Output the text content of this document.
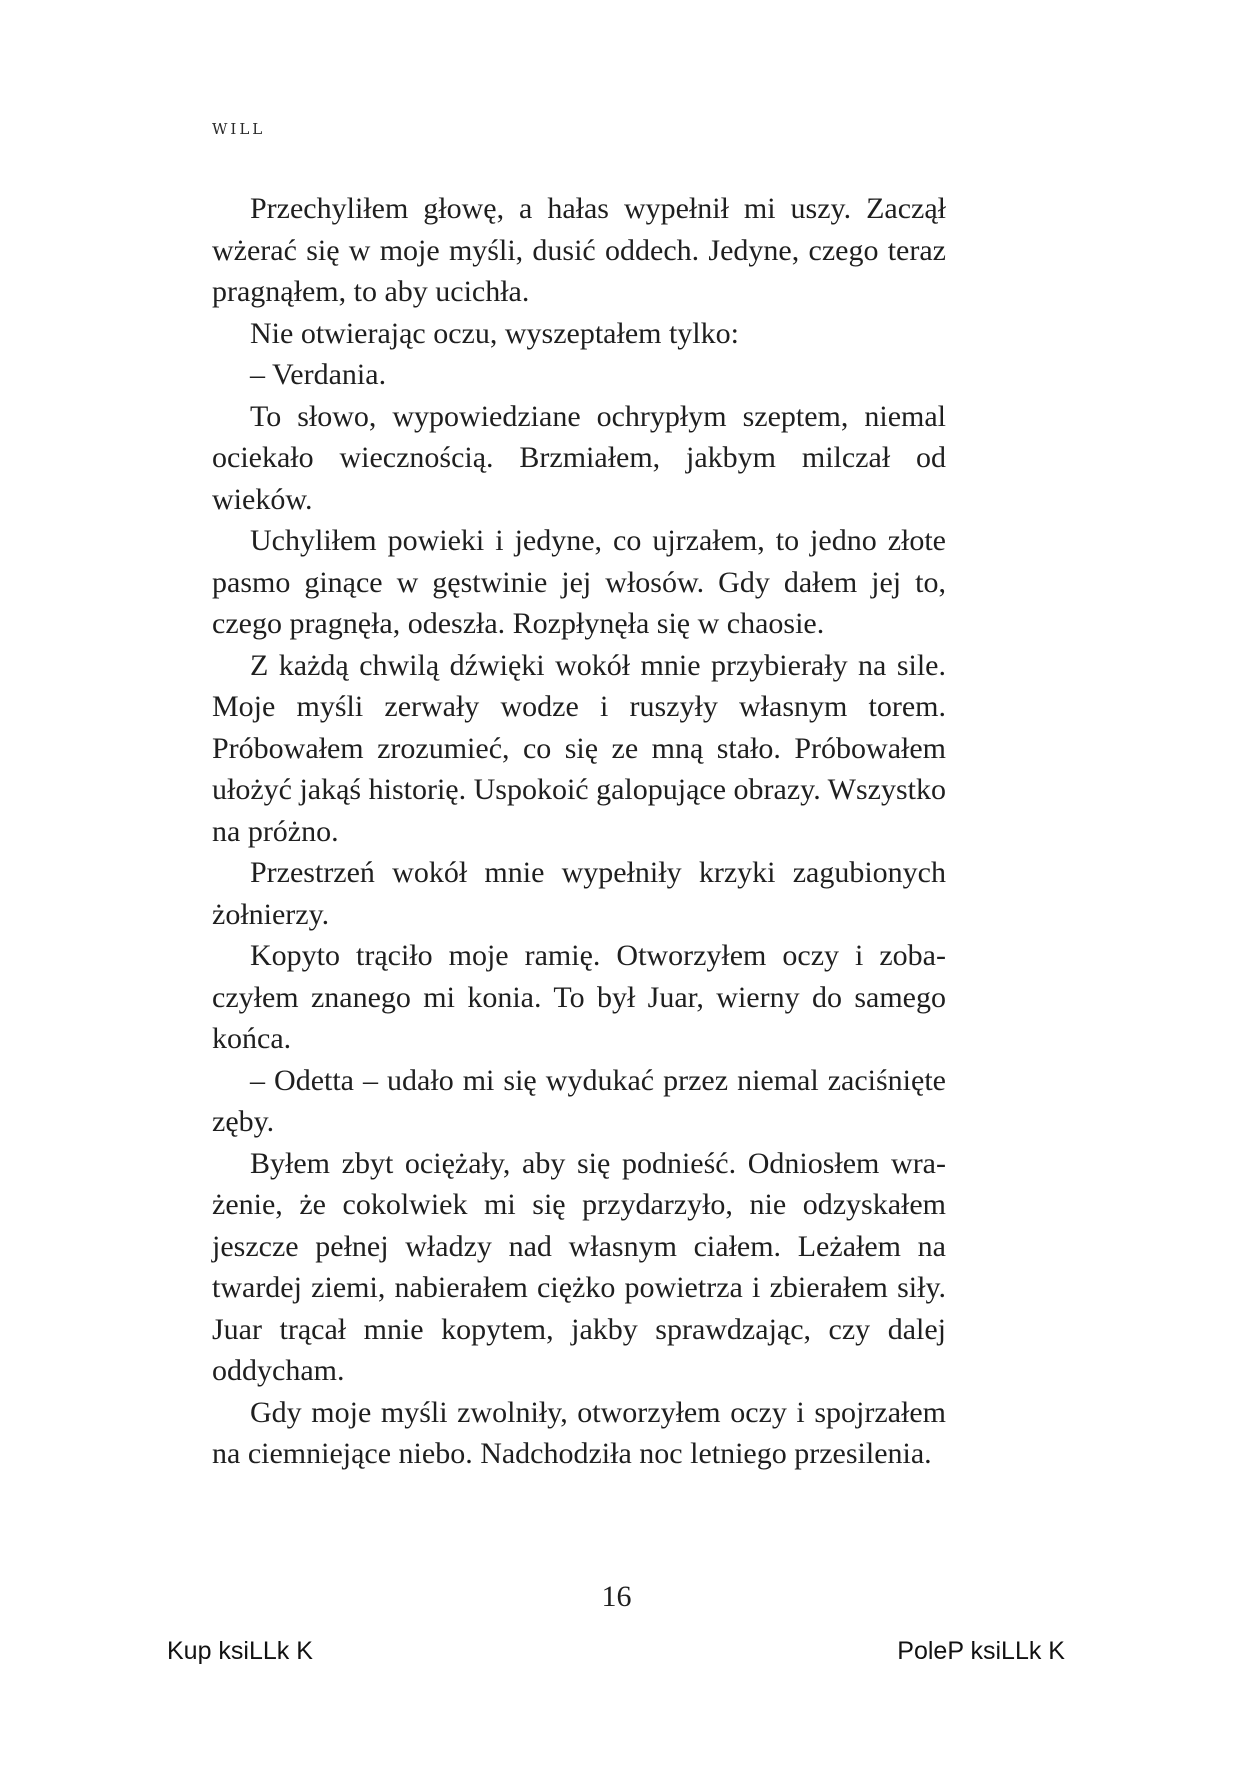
WILL

Przechyliłem głowę, a hałas wypełnił mi uszy. Zaczął wżerać się w moje myśli, dusić oddech. Jedyne, czego teraz pragnąłem, to aby ucichła.

Nie otwierając oczu, wyszeptałem tylko:

– Verdania.

To słowo, wypowiedziane ochrypłym szeptem, niemal ociekało wiecznością. Brzmiałem, jakbym milczał od wieków.

Uchyliłem powieki i jedyne, co ujrzałem, to jedno złote pasmo ginące w gęstwinie jej włosów. Gdy dałem jej to, czego pragnęła, odeszła. Rozpłynęła się w chaosie.

Z każdą chwilą dźwięki wokół mnie przybierały na sile. Moje myśli zerwały wodze i ruszyły własnym torem. Próbowałem zrozumieć, co się ze mną stało. Próbowałem ułożyć jakąś historię. Uspokoić galopujące obrazy. Wszystko na próżno.

Przestrzeń wokół mnie wypełniły krzyki zagubionych żołnierzy.

Kopyto trąciło moje ramię. Otworzyłem oczy i zobaczyłem znanego mi konia. To był Juar, wierny do samego końca.

– Odetta – udało mi się wydukać przez niemal zaciśnięte zęby.

Byłem zbyt ociężały, aby się podnieść. Odniosłem wrażenie, że cokolwiek mi się przydarzyło, nie odzyskałem jeszcze pełnej władzy nad własnym ciałem. Leżałem na twardej ziemi, nabierałem ciężko powietrza i zbierałem siły. Juar trącał mnie kopytem, jakby sprawdzając, czy dalej oddycham.

Gdy moje myśli zwolniły, otworzyłem oczy i spojrzałem na ciemniejące niebo. Nadchodziła noc letniego przesilenia.

16
Kup ksiLLk K	PoleP ksiLLk K
